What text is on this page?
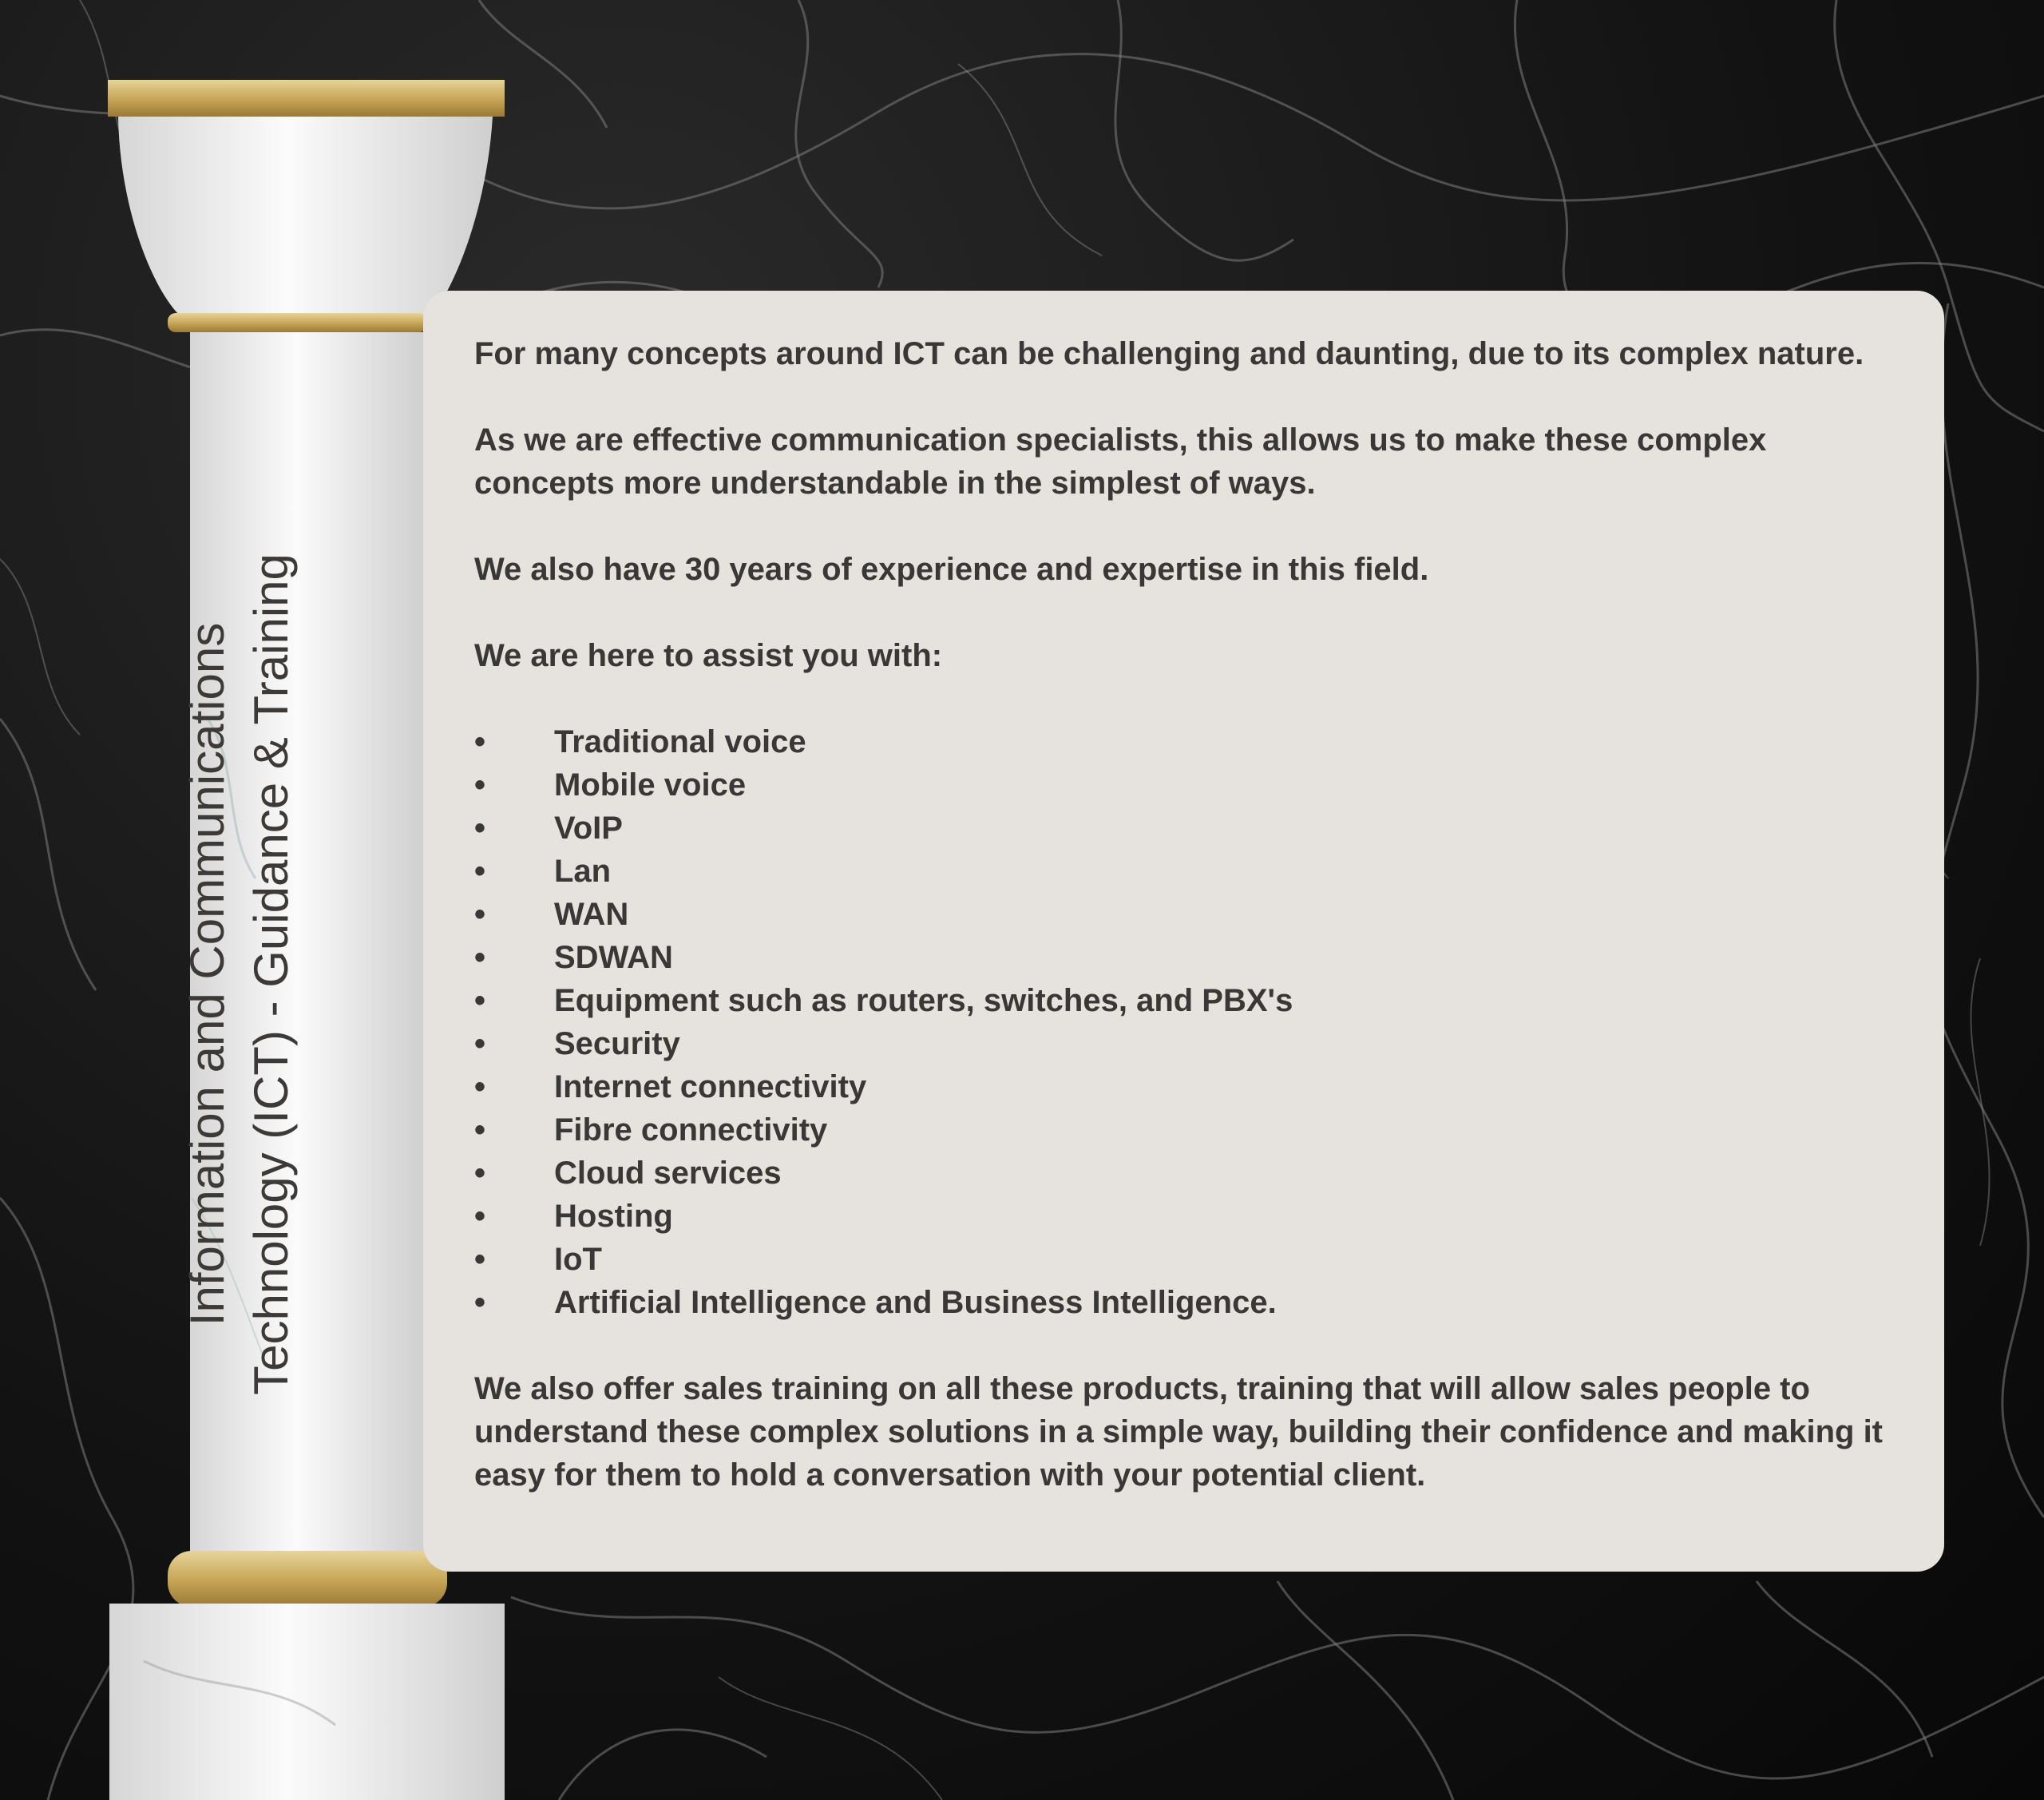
Information and Communications Technology (ICT) - Guidance & Training

For many concepts around ICT can be challenging and daunting, due to its complex nature.

As we are effective communication specialists, this allows us to make these complex concepts more understandable in the simplest of ways.

We also have 30 years of experience and expertise in this field.

We are here to assist you with:

• Traditional voice
• Mobile voice
• VoIP
• Lan
• WAN
• SDWAN
• Equipment such as routers, switches, and PBX's
• Security
• Internet connectivity
• Fibre connectivity
• Cloud services
• Hosting
• IoT
• Artificial Intelligence and Business Intelligence.

We also offer sales training on all these products, training that will allow sales people to understand these complex solutions in a simple way, building their confidence and making it easy for them to hold a conversation with your potential client.
